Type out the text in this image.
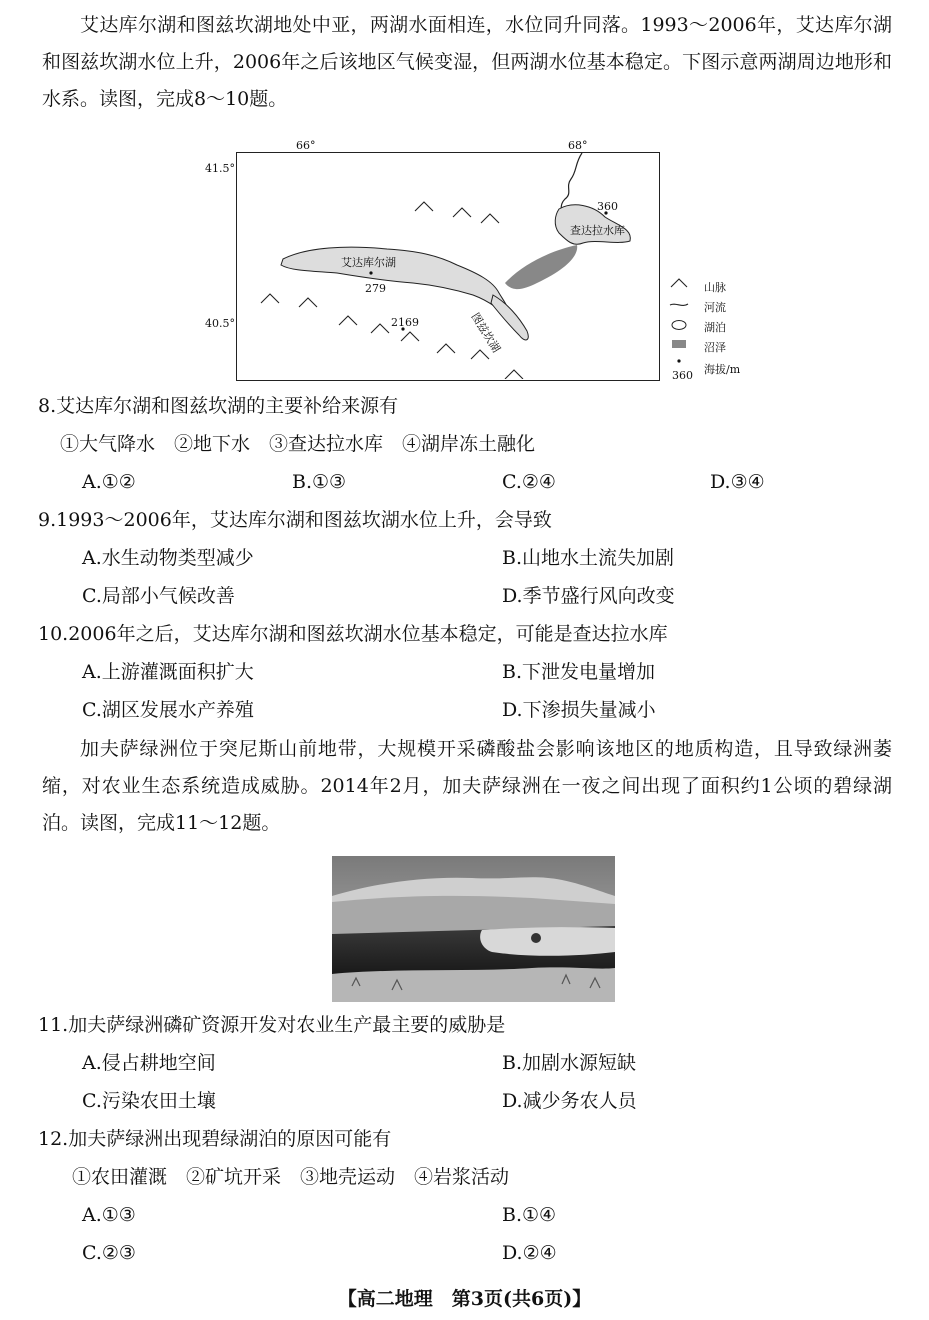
艾达库尔湖和图兹坎湖地处中亚，两湖水面相连，水位同升同落。1993～2006年，艾达库尔湖和图兹坎湖水位上升，2006年之后该地区气候变湿，但两湖水位基本稳定。下图示意两湖周边地形和水系。读图，完成8～10题。
66°	68°
41.5°
40.5°
艾达库尔湖
279
2169	图兹坎湖
360
查达拉水库
山脉
河流
湖泊
沼泽
360 海拔/m
8.艾达库尔湖和图兹坎湖的主要补给来源有
①大气降水　②地下水　③查达拉水库　④湖岸冻土融化
A.①②	B.①③	C.②④	D.③④
9.1993～2006年，艾达库尔湖和图兹坎湖水位上升，会导致
A.水生动物类型减少	B.山地水土流失加剧
C.局部小气候改善	D.季节盛行风向改变
10.2006年之后，艾达库尔湖和图兹坎湖水位基本稳定，可能是查达拉水库
A.上游灌溉面积扩大	B.下泄发电量增加
C.湖区发展水产养殖	D.下渗损失量减小
加夫萨绿洲位于突尼斯山前地带，大规模开采磷酸盐会影响该地区的地质构造，且导致绿洲萎缩，对农业生态系统造成威胁。2014年2月，加夫萨绿洲在一夜之间出现了面积约1公顷的碧绿湖泊。读图，完成11～12题。
11.加夫萨绿洲磷矿资源开发对农业生产最主要的威胁是
A.侵占耕地空间	B.加剧水源短缺
C.污染农田土壤	D.减少务农人员
12.加夫萨绿洲出现碧绿湖泊的原因可能有
①农田灌溉　②矿坑开采　③地壳运动　④岩浆活动
A.①③	B.①④
C.②③	D.②④
【高二地理　第3页(共6页)】
